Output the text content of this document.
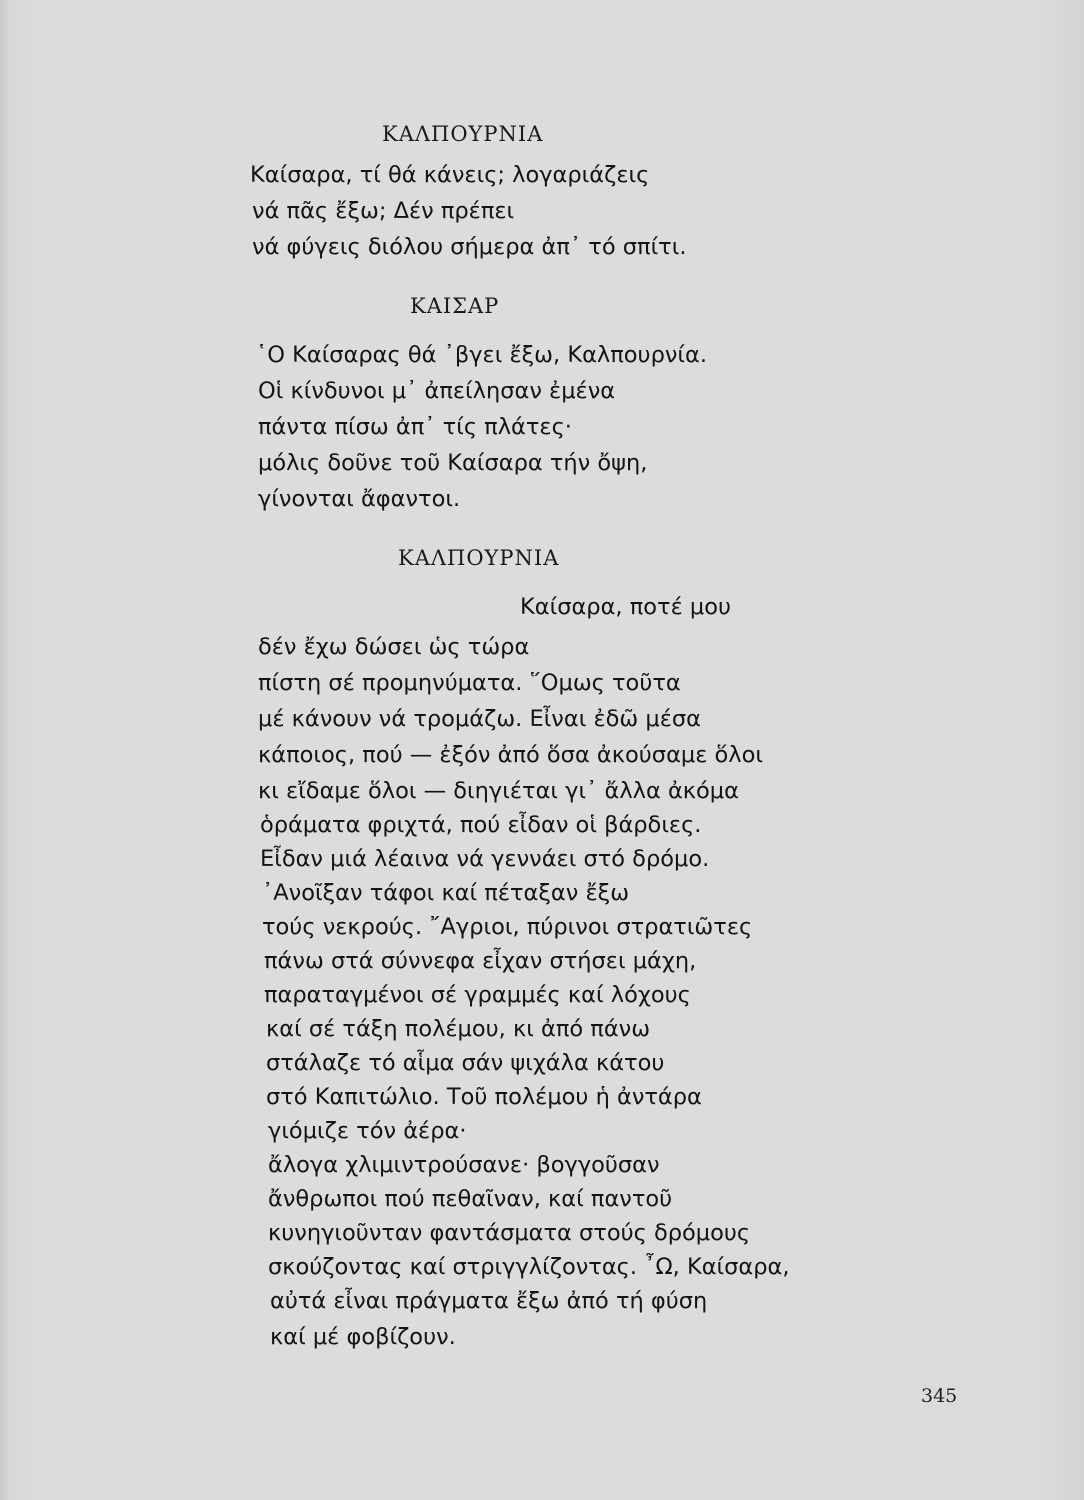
ΚΑΛΠΟΥΡΝΙΑ
Καίσαρα, τί θά κάνεις; λογαριάζεις
νά πᾶς ἔξω; Δέν πρέπει
νά φύγεις διόλου σήμερα ἀπ᾿ τό σπίτι.
ΚΑΙΣΑΡ
῾Ο Καίσαρας θά ᾿βγει ἔξω, Καλπουρνία.
Οἱ κίνδυνοι μ᾿ ἀπείλησαν ἐμένα
πάντα πίσω ἀπ᾿ τίς πλάτες·
μόλις δοῦνε τοῦ Καίσαρα τήν ὄψη,
γίνονται ἄφαντοι.
ΚΑΛΠΟΥΡΝΙΑ
Καίσαρα, ποτέ μου
δέν ἔχω δώσει ὡς τώρα
πίστη σέ προμηνύματα. ῞Ομως τοῦτα
μέ κάνουν νά τρομάζω. Εἶναι ἐδῶ μέσα
κάποιος, πού — ἐξόν ἀπό ὅσα ἀκούσαμε ὅλοι
κι εἴδαμε ὅλοι — διηγιέται γι᾿ ἄλλα ἀκόμα
ὁράματα φριχτά, πού εἶδαν οἱ βάρδιες.
Εἶδαν μιά λέαινα νά γεννάει στό δρόμο.
᾿Ανοῖξαν τάφοι καί πέταξαν ἔξω
τούς νεκρούς. ῎Αγριοι, πύρινοι στρατιῶτες
πάνω στά σύννεφα εἶχαν στήσει μάχη,
παραταγμένοι σέ γραμμές καί λόχους
καί σέ τάξη πολέμου, κι ἀπό πάνω
στάλαζε τό αἷμα σάν ψιχάλα κάτου
στό Καπιτώλιο. Τοῦ πολέμου ἡ ἀντάρα
γιόμιζε τόν ἀέρα·
ἄλογα χλιμιντρούσανε· βογγοῦσαν
ἄνθρωποι πού πεθαῖναν, καί παντοῦ
κυνηγιοῦνταν φαντάσματα στούς δρόμους
σκούζοντας καί στριγγλίζοντας. ῏Ω, Καίσαρα,
αὐτά εἶναι πράγματα ἔξω ἀπό τή φύση
καί μέ φοβίζουν.
345
